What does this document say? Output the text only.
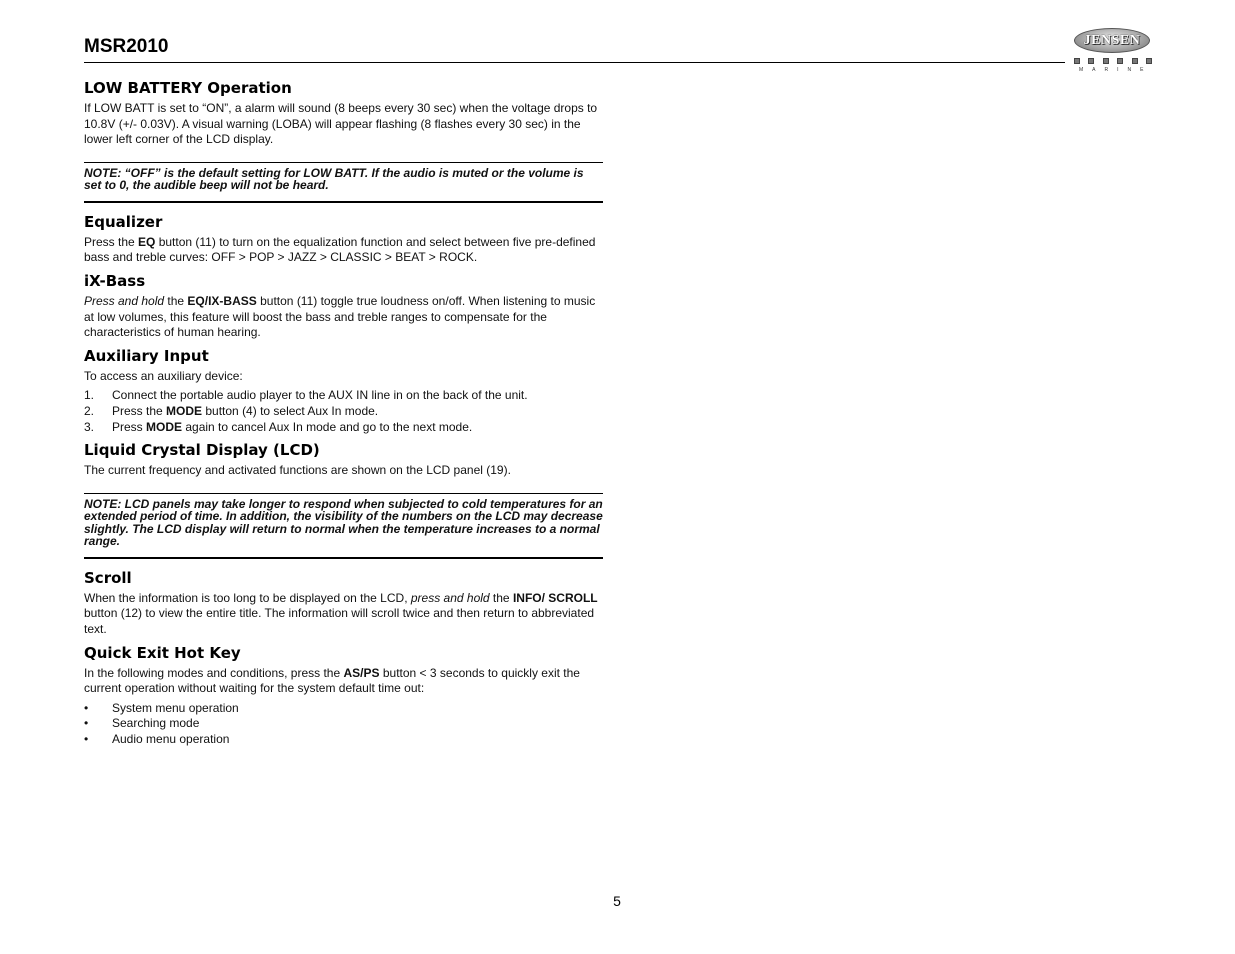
MSR2010	JENSEN
MARINE
LOW BATTERY Operation

If LOW BATT is set to “ON”, a alarm will sound (8 beeps every 30 sec) when the voltage drops to 10.8V (+/- 0.03V). A visual warning (LOBA) will appear flashing (8 flashes every 30 sec) in the lower left corner of the LCD display.

NOTE: “OFF” is the default setting for LOW BATT. If the audio is muted or the volume is set to 0, the audible beep will not be heard.

Equalizer

Press the EQ button (11) to turn on the equalization function and select between five pre-defined bass and treble curves: OFF > POP > JAZZ > CLASSIC > BEAT > ROCK.

iX-Bass

Press and hold the EQ/IX-BASS button (11) toggle true loudness on/off. When listening to music at low volumes, this feature will boost the bass and treble ranges to compensate for the characteristics of human hearing.

Auxiliary Input

To access an auxiliary device:

1. Connect the portable audio player to the AUX IN line in on the back of the unit.
2. Press the MODE button (4) to select Aux In mode.
3. Press MODE again to cancel Aux In mode and go to the next mode.
Liquid Crystal Display (LCD)

The current frequency and activated functions are shown on the LCD panel (19).

NOTE: LCD panels may take longer to respond when subjected to cold temperatures for an extended period of time. In addition, the visibility of the numbers on the LCD may decrease slightly. The LCD display will return to normal when the temperature increases to a normal range.

Scroll

When the information is too long to be displayed on the LCD, press and hold the INFO/ SCROLL button (12) to view the entire title. The information will scroll twice and then return to abbreviated text.

Quick Exit Hot Key

In the following modes and conditions, press the AS/PS button < 3 seconds to quickly exit the current operation without waiting for the system default time out:

• System menu operation
• Searching mode
• Audio menu operation
5
